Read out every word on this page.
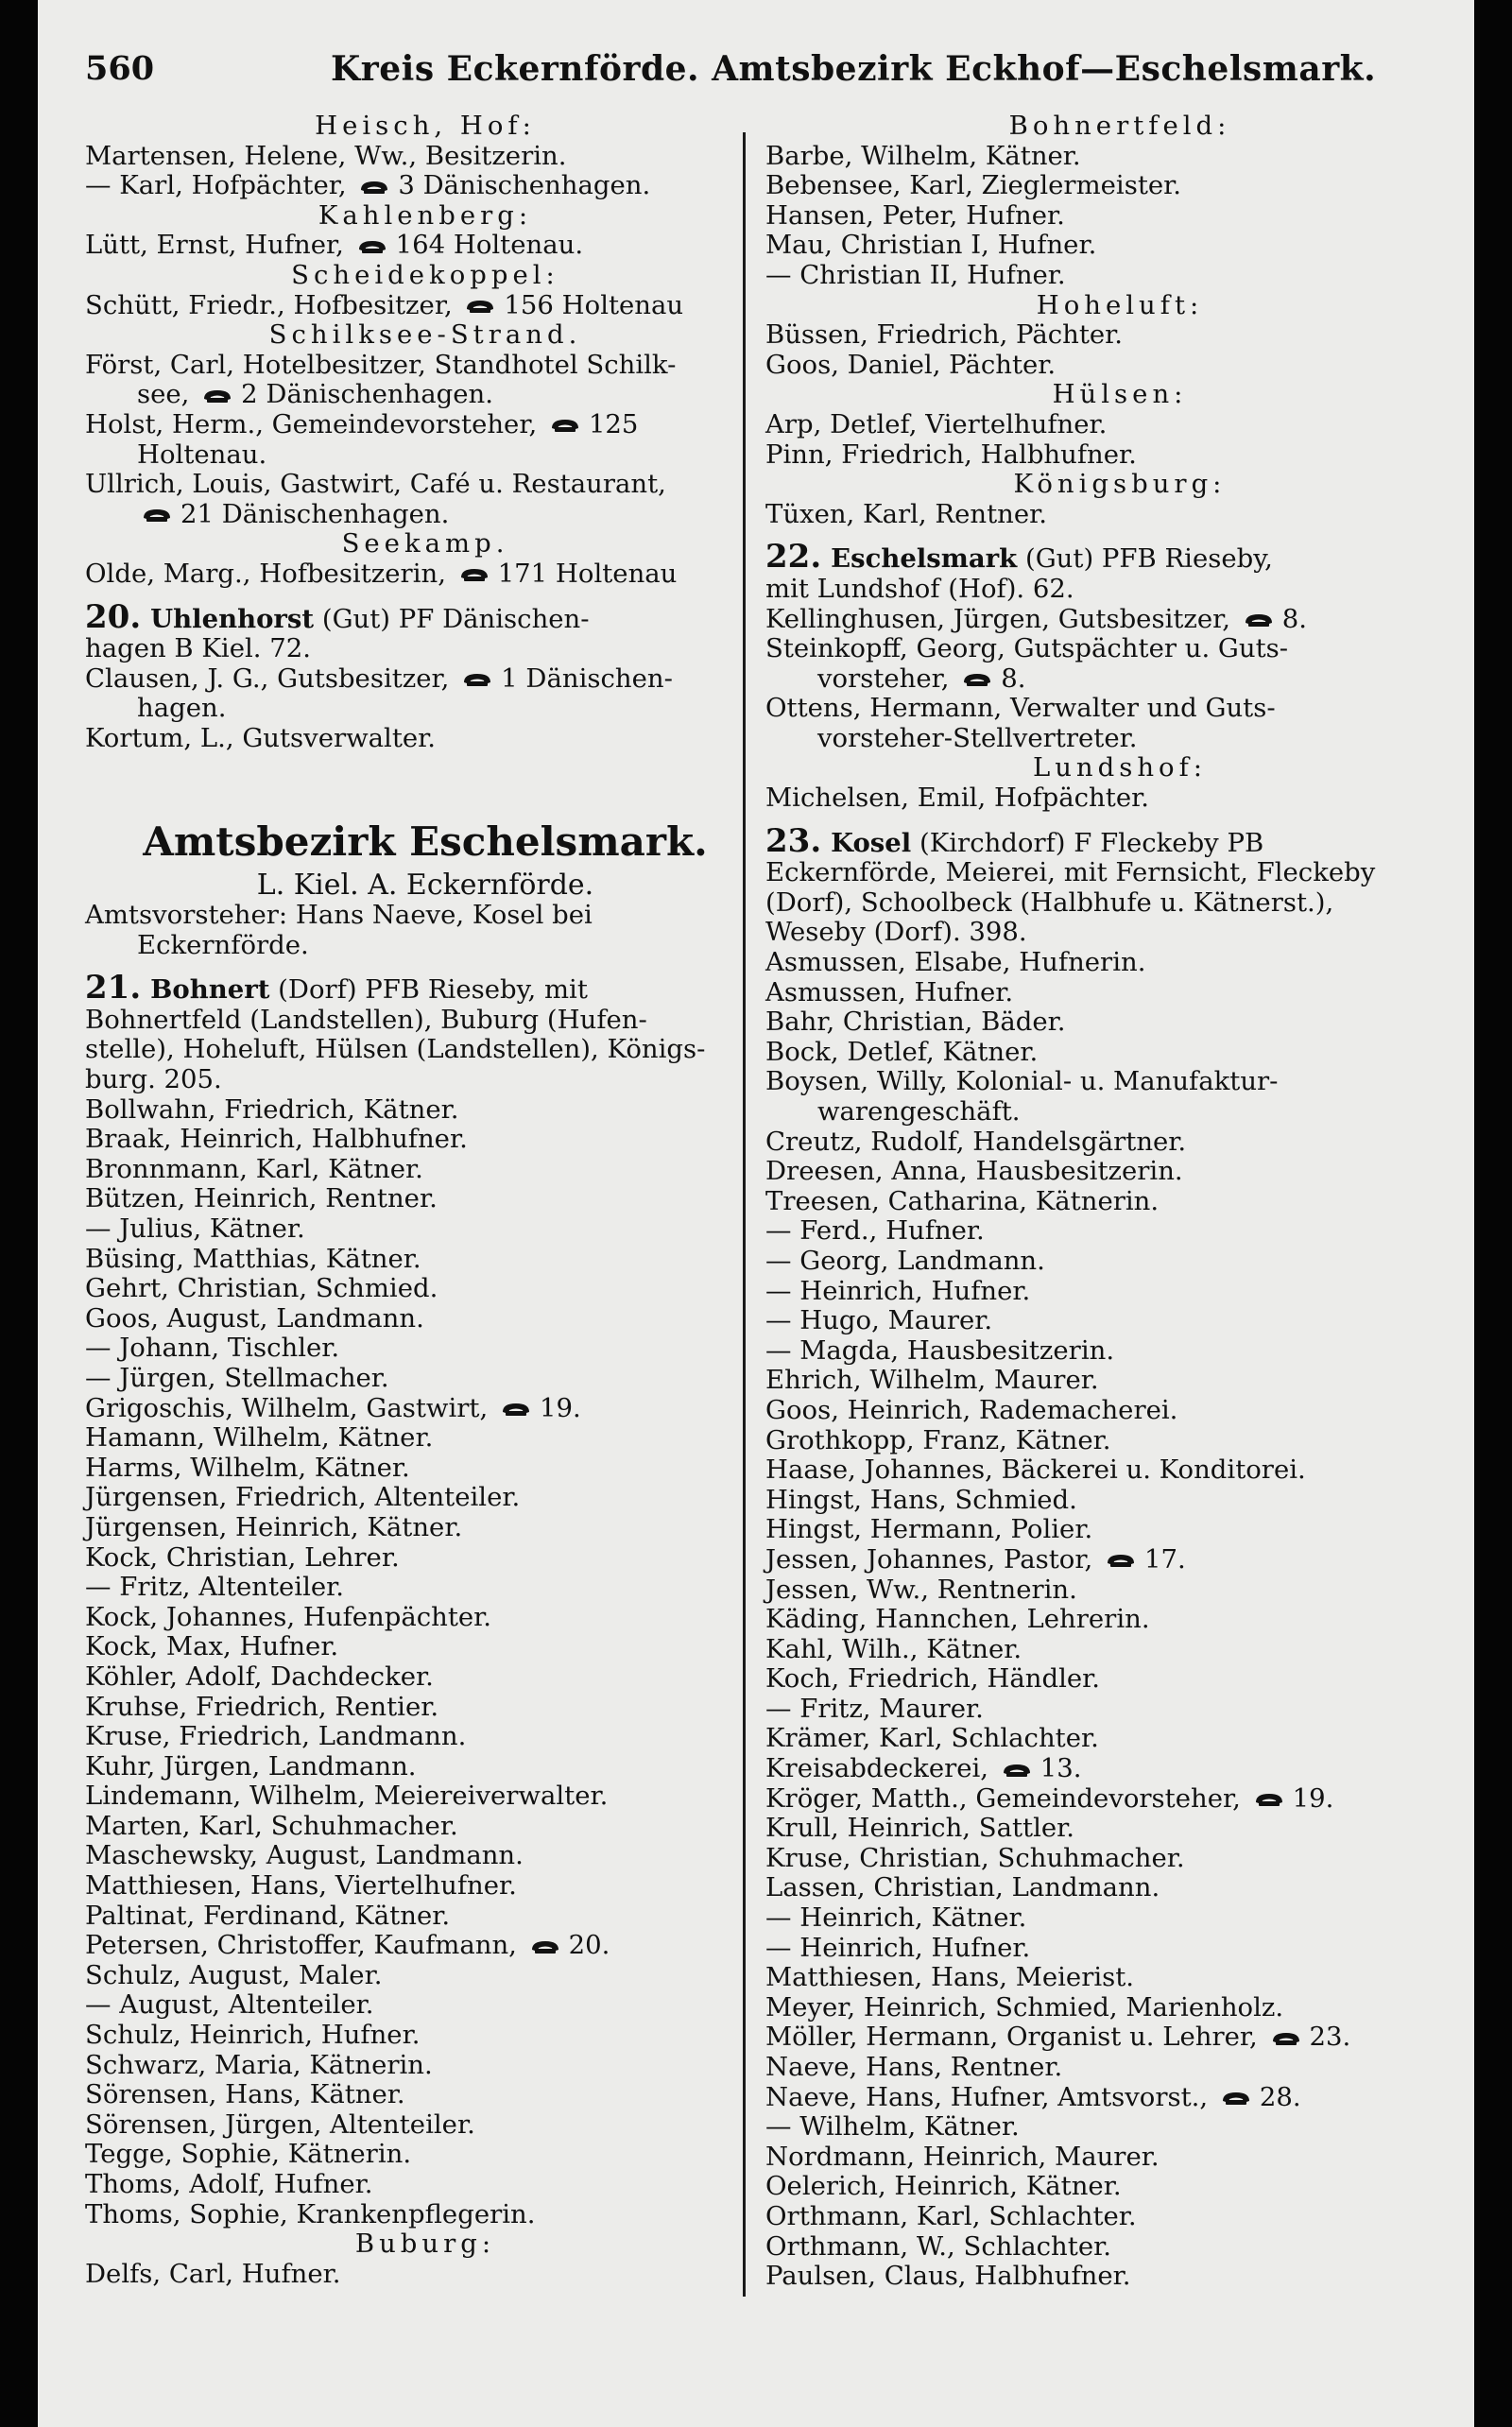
560	Kreis Eckernförde. Amtsbezirk Eckhof—Eschelsmark.
Heisch, Hof:
Martensen, Helene, Ww., Besitzerin.
— Karl, Hofpächter,
3 Dänischenhagen.
Kahlenberg:
Lütt, Ernst, Hufner,
164 Holtenau.
Scheidekoppel:
Schütt, Friedr., Hofbesitzer,
156 Holtenau
Schilksee-Strand.
Först, Carl, Hotelbesitzer, Standhotel Schilk-
see,
2 Dänischenhagen.
Holst, Herm., Gemeindevorsteher,
125
Holtenau.
Ullrich, Louis, Gastwirt, Café u. Restaurant,
21 Dänischenhagen.
Seekamp.
Olde, Marg., Hofbesitzerin,
171 Holtenau
20. Uhlenhorst (Gut) PF Dänischen-
hagen B Kiel. 72.
Clausen, J. G., Gutsbesitzer,
1 Dänischen-
hagen.
Kortum, L., Gutsverwalter.
Amtsbezirk Eschelsmark.
L. Kiel. A. Eckernförde.
Amtsvorsteher: Hans Naeve, Kosel bei
Eckernförde.
21. Bohnert (Dorf) PFB Rieseby, mit
Bohnertfeld (Landstellen), Buburg (Hufen-
stelle), Hoheluft, Hülsen (Landstellen), Königs-
burg. 205.
Bollwahn, Friedrich, Kätner.
Braak, Heinrich, Halbhufner.
Bronnmann, Karl, Kätner.
Bützen, Heinrich, Rentner.
— Julius, Kätner.
Büsing, Matthias, Kätner.
Gehrt, Christian, Schmied.
Goos, August, Landmann.
— Johann, Tischler.
— Jürgen, Stellmacher.
Grigoschis, Wilhelm, Gastwirt,
19.
Hamann, Wilhelm, Kätner.
Harms, Wilhelm, Kätner.
Jürgensen, Friedrich, Altenteiler.
Jürgensen, Heinrich, Kätner.
Kock, Christian, Lehrer.
— Fritz, Altenteiler.
Kock, Johannes, Hufenpächter.
Kock, Max, Hufner.
Köhler, Adolf, Dachdecker.
Kruhse, Friedrich, Rentier.
Kruse, Friedrich, Landmann.
Kuhr, Jürgen, Landmann.
Lindemann, Wilhelm, Meiereiverwalter.
Marten, Karl, Schuhmacher.
Maschewsky, August, Landmann.
Matthiesen, Hans, Viertelhufner.
Paltinat, Ferdinand, Kätner.
Petersen, Christoffer, Kaufmann,
20.
Schulz, August, Maler.
— August, Altenteiler.
Schulz, Heinrich, Hufner.
Schwarz, Maria, Kätnerin.
Sörensen, Hans, Kätner.
Sörensen, Jürgen, Altenteiler.
Tegge, Sophie, Kätnerin.
Thoms, Adolf, Hufner.
Thoms, Sophie, Krankenpflegerin.
Buburg:
Delfs, Carl, Hufner.
Bohnertfeld:
Barbe, Wilhelm, Kätner.
Bebensee, Karl, Zieglermeister.
Hansen, Peter, Hufner.
Mau, Christian I, Hufner.
— Christian II, Hufner.
Hoheluft:
Büssen, Friedrich, Pächter.
Goos, Daniel, Pächter.
Hülsen:
Arp, Detlef, Viertelhufner.
Pinn, Friedrich, Halbhufner.
Königsburg:
Tüxen, Karl, Rentner.
22. Eschelsmark (Gut) PFB Rieseby,
mit Lundshof (Hof). 62.
Kellinghusen, Jürgen, Gutsbesitzer,
8.
Steinkopff, Georg, Gutspächter u. Guts-
vorsteher,
8.
Ottens, Hermann, Verwalter und Guts-
vorsteher-Stellvertreter.
Lundshof:
Michelsen, Emil, Hofpächter.
23. Kosel (Kirchdorf) F Fleckeby PB
Eckernförde, Meierei, mit Fernsicht, Fleckeby
(Dorf), Schoolbeck (Halbhufe u. Kätnerst.),
Weseby (Dorf). 398.
Asmussen, Elsabe, Hufnerin.
Asmussen, Hufner.
Bahr, Christian, Bäder.
Bock, Detlef, Kätner.
Boysen, Willy, Kolonial- u. Manufaktur-
warengeschäft.
Creutz, Rudolf, Handelsgärtner.
Dreesen, Anna, Hausbesitzerin.
Treesen, Catharina, Kätnerin.
— Ferd., Hufner.
— Georg, Landmann.
— Heinrich, Hufner.
— Hugo, Maurer.
— Magda, Hausbesitzerin.
Ehrich, Wilhelm, Maurer.
Goos, Heinrich, Rademacherei.
Grothkopp, Franz, Kätner.
Haase, Johannes, Bäckerei u. Konditorei.
Hingst, Hans, Schmied.
Hingst, Hermann, Polier.
Jessen, Johannes, Pastor,
17.
Jessen, Ww., Rentnerin.
Käding, Hannchen, Lehrerin.
Kahl, Wilh., Kätner.
Koch, Friedrich, Händler.
— Fritz, Maurer.
Krämer, Karl, Schlachter.
Kreisabdeckerei,
13.
Kröger, Matth., Gemeindevorsteher,
19.
Krull, Heinrich, Sattler.
Kruse, Christian, Schuhmacher.
Lassen, Christian, Landmann.
— Heinrich, Kätner.
— Heinrich, Hufner.
Matthiesen, Hans, Meierist.
Meyer, Heinrich, Schmied, Marienholz.
Möller, Hermann, Organist u. Lehrer,
23.
Naeve, Hans, Rentner.
Naeve, Hans, Hufner, Amtsvorst.,
28.
— Wilhelm, Kätner.
Nordmann, Heinrich, Maurer.
Oelerich, Heinrich, Kätner.
Orthmann, Karl, Schlachter.
Orthmann, W., Schlachter.
Paulsen, Claus, Halbhufner.
